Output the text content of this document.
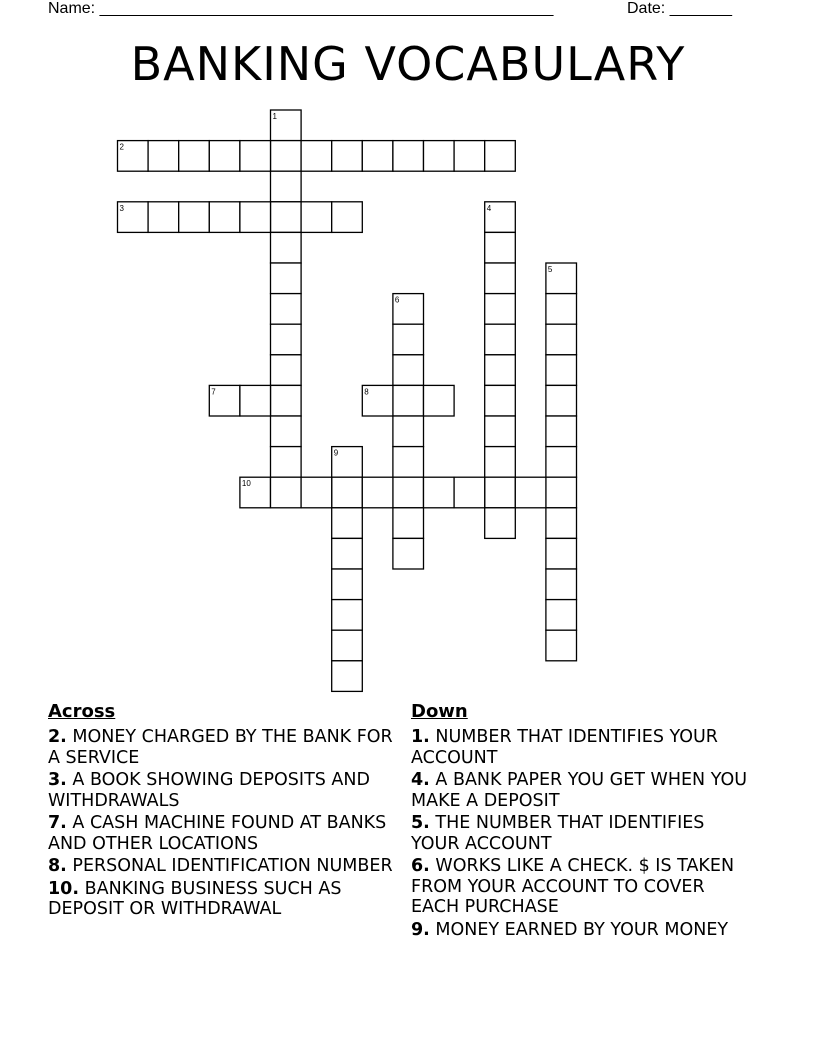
Name: ___________________________________________________	Date: _______
BANKING VOCABULARY
1
2
3	4
5
6
7	8
9
10
Across
2. MONEY CHARGED BY THE BANK FOR A SERVICE
3. A BOOK SHOWING DEPOSITS AND WITHDRAWALS
7. A CASH MACHINE FOUND AT BANKS AND OTHER LOCATIONS
8. PERSONAL IDENTIFICATION NUMBER
10. BANKING BUSINESS SUCH AS DEPOSIT OR WITHDRAWAL
Down
1. NUMBER THAT IDENTIFIES YOUR ACCOUNT
4. A BANK PAPER YOU GET WHEN YOU MAKE A DEPOSIT
5. THE NUMBER THAT IDENTIFIES YOUR ACCOUNT
6. WORKS LIKE A CHECK. $ IS TAKEN FROM YOUR ACCOUNT TO COVER EACH PURCHASE
9. MONEY EARNED BY YOUR MONEY
